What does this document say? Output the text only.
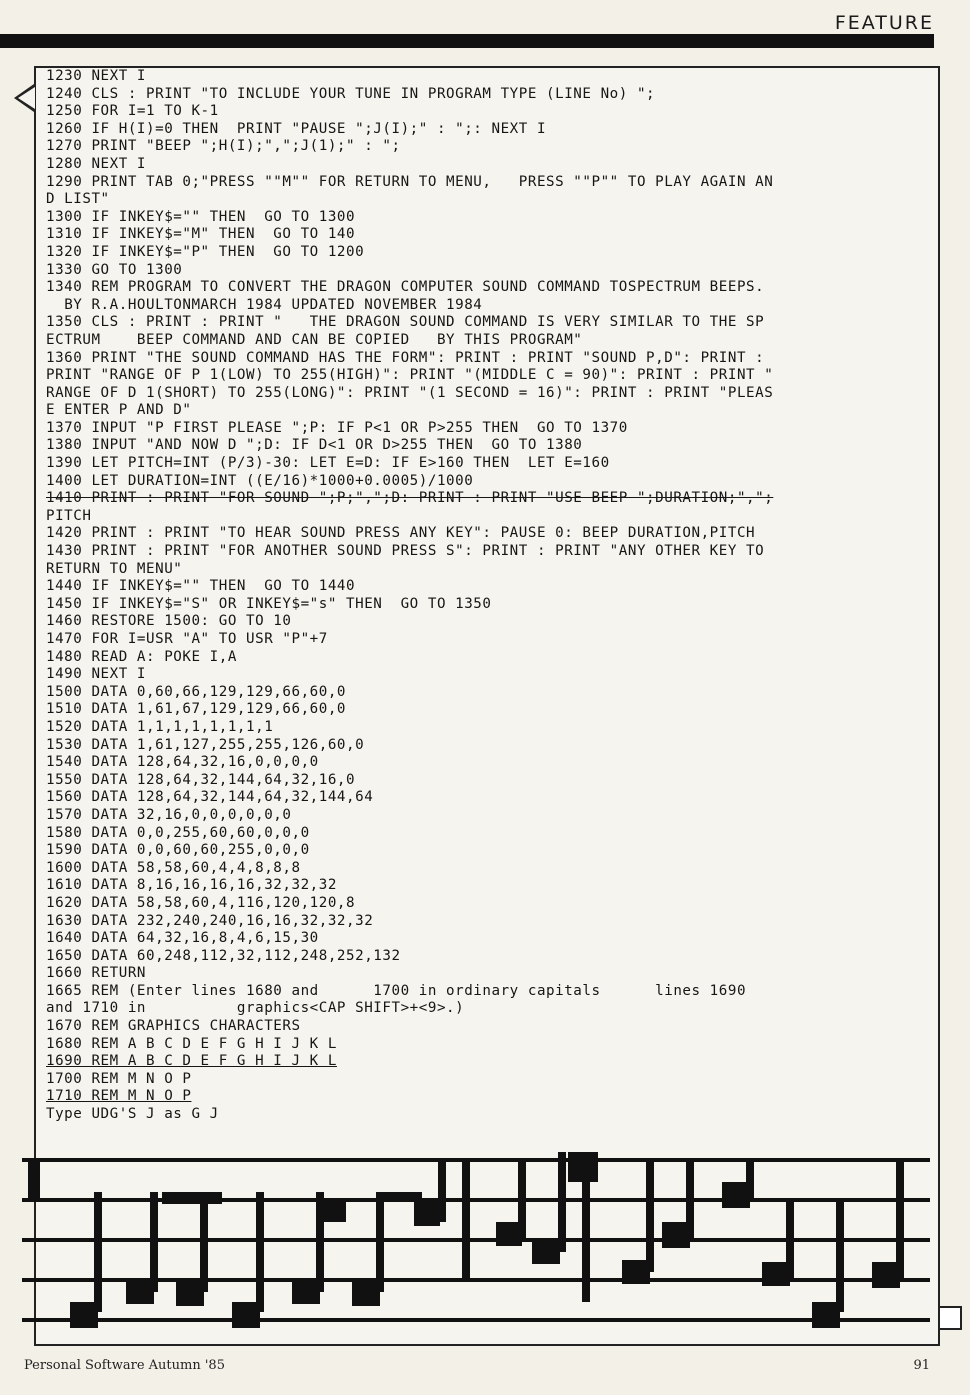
FEATURE
1230 NEXT I
1240 CLS : PRINT "TO INCLUDE YOUR TUNE IN PROGRAM TYPE (LINE No) ";
1250 FOR I=1 TO K-1
1260 IF H(I)=0 THEN  PRINT "PAUSE ";J(I);" : ";: NEXT I
1270 PRINT "BEEP ";H(I);",";J(1);" : ";
1280 NEXT I
1290 PRINT TAB 0;"PRESS ""M"" FOR RETURN TO MENU,   PRESS ""P"" TO PLAY AGAIN AN
D LIST"
1300 IF INKEY$="" THEN  GO TO 1300
1310 IF INKEY$="M" THEN  GO TO 140
1320 IF INKEY$="P" THEN  GO TO 1200
1330 GO TO 1300
1340 REM PROGRAM TO CONVERT THE DRAGON COMPUTER SOUND COMMAND TOSPECTRUM BEEPS.
BY R.A.HOULTONMARCH 1984 UPDATED NOVEMBER 1984
1350 CLS : PRINT : PRINT "   THE DRAGON SOUND COMMAND IS VERY SIMILAR TO THE SP
ECTRUM    BEEP COMMAND AND CAN BE COPIED   BY THIS PROGRAM"
1360 PRINT "THE SOUND COMMAND HAS THE FORM": PRINT : PRINT "SOUND P,D": PRINT :
PRINT "RANGE OF P 1(LOW) TO 255(HIGH)": PRINT "(MIDDLE C = 90)": PRINT : PRINT "
RANGE OF D 1(SHORT) TO 255(LONG)": PRINT "(1 SECOND = 16)": PRINT : PRINT "PLEAS
E ENTER P AND D"
1370 INPUT "P FIRST PLEASE ";P: IF P<1 OR P>255 THEN  GO TO 1370
1380 INPUT "AND NOW D ";D: IF D<1 OR D>255 THEN  GO TO 1380
1390 LET PITCH=INT (P/3)-30: LET E=D: IF E>160 THEN  LET E=160
1400 LET DURATION=INT ((E/16)*1000+0.0005)/1000
1410 PRINT : PRINT "FOR SOUND ";P;",";D: PRINT : PRINT "USE BEEP ";DURATION;",";
PITCH
1420 PRINT : PRINT "TO HEAR SOUND PRESS ANY KEY": PAUSE 0: BEEP DURATION,PITCH
1430 PRINT : PRINT "FOR ANOTHER SOUND PRESS S": PRINT : PRINT "ANY OTHER KEY TO
RETURN TO MENU"
1440 IF INKEY$="" THEN  GO TO 1440
1450 IF INKEY$="S" OR INKEY$="s" THEN  GO TO 1350
1460 RESTORE 1500: GO TO 10
1470 FOR I=USR "A" TO USR "P"+7
1480 READ A: POKE I,A
1490 NEXT I
1500 DATA 0,60,66,129,129,66,60,0
1510 DATA 1,61,67,129,129,66,60,0
1520 DATA 1,1,1,1,1,1,1,1
1530 DATA 1,61,127,255,255,126,60,0
1540 DATA 128,64,32,16,0,0,0,0
1550 DATA 128,64,32,144,64,32,16,0
1560 DATA 128,64,32,144,64,32,144,64
1570 DATA 32,16,0,0,0,0,0,0
1580 DATA 0,0,255,60,60,0,0,0
1590 DATA 0,0,60,60,255,0,0,0
1600 DATA 58,58,60,4,4,8,8,8
1610 DATA 8,16,16,16,16,32,32,32
1620 DATA 58,58,60,4,116,120,120,8
1630 DATA 232,240,240,16,16,32,32,32
1640 DATA 64,32,16,8,4,6,15,30
1650 DATA 60,248,112,32,112,248,252,132
1660 RETURN
1665 REM (Enter lines 1680 and      1700 in ordinary capitals      lines 1690
and 1710 in          graphics<CAP SHIFT>+<9>.)
1670 REM GRAPHICS CHARACTERS
1680 REM A B C D E F G H I J K L
1690 REM A B C D E F G H I J K L
1700 REM M N O P
1710 REM M N O P
Type UDG'S J as G J
Personal Software Autumn '85	91
